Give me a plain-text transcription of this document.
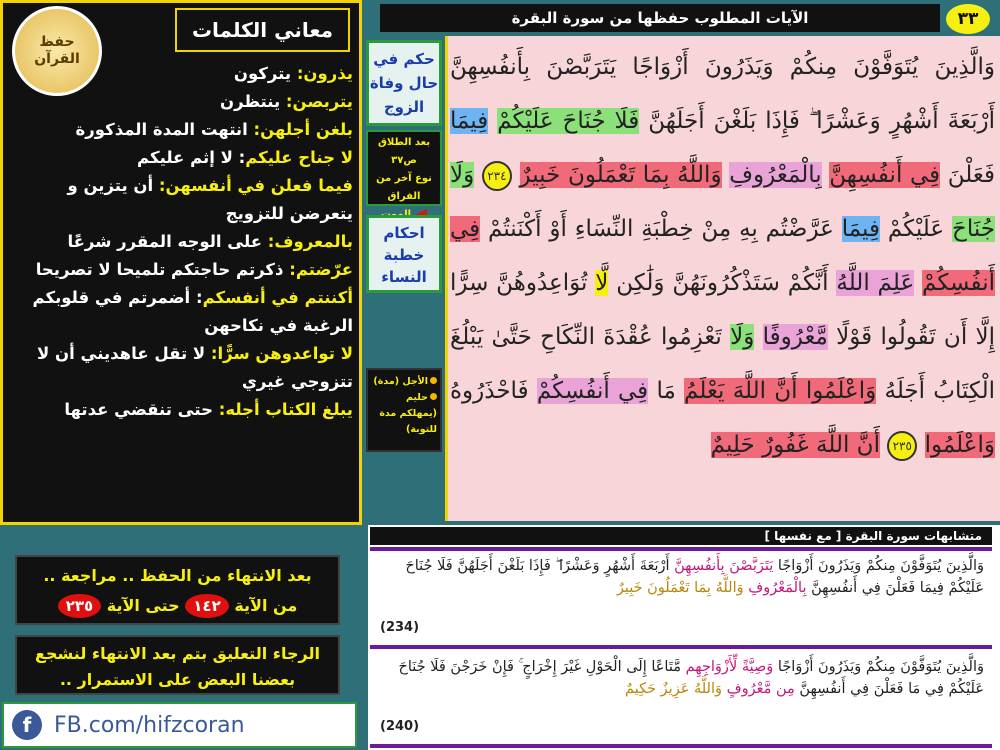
حفظ
القرآن
معاني الكلمات
يذرون: يتركون
يتربصن: ينتظرن
بلغن أجلهن: انتهت المدة المذكورة
لا جناح عليكم: لا إثم عليكم
فيما فعلن في أنفسهن: أن يتزين و يتعرضن للتزويج
بالمعروف: على الوجه المقرر شرعًا
عرّضتم: ذكرتم حاجتكم تلميحا لا تصريحا
أكننتم في أنفسكم: أضمرتم في قلوبكم الرغبة في نكاحهن
لا تواعدوهن سرًّا: لا تقل عاهديني أن لا تتزوجي غيري
يبلغ الكتاب أجله: حتى تنقضي عدتها
الآيات المطلوب حفظها من سورة البقرة	٣٣
حكم في
حال وفاة
الزوج
بعد الطلاق ص٣٧
نوع آخر من الفراق
احكام
خطبة
النساء
الأجل (مدة)
حليم (يمهلكم مدة للتوبة)
وَالَّذِينَ يُتَوَفَّوْنَ مِنكُمْ وَيَذَرُونَ أَزْوَاجًا يَتَرَبَّصْنَ بِأَنفُسِهِنَّ أَرْبَعَةَ أَشْهُرٍ وَعَشْرًا ۖ فَإِذَا بَلَغْنَ أَجَلَهُنَّ فَلَا جُنَاحَ عَلَيْكُمْ فِيمَا فَعَلْنَ فِي أَنفُسِهِنَّ بِالْمَعْرُوفِ وَاللَّهُ بِمَا تَعْمَلُونَ خَبِيرٌ ٢٣٤ وَلَا جُنَاحَ عَلَيْكُمْ فِيمَا عَرَّضْتُم بِهِ مِنْ خِطْبَةِ النِّسَاءِ أَوْ أَكْنَنتُمْ فِي أَنفُسِكُمْ عَلِمَ اللَّهُ أَنَّكُمْ سَتَذْكُرُونَهُنَّ وَلَٰكِن لَّا تُوَاعِدُوهُنَّ سِرًّا إِلَّا أَن تَقُولُوا قَوْلًا مَّعْرُوفًا وَلَا تَعْزِمُوا عُقْدَةَ النِّكَاحِ حَتَّىٰ يَبْلُغَ الْكِتَابُ أَجَلَهُ وَاعْلَمُوا أَنَّ اللَّهَ يَعْلَمُ مَا فِي أَنفُسِكُمْ فَاحْذَرُوهُ وَاعْلَمُوا ٢٣٥ أَنَّ اللَّهَ غَفُورٌ حَلِيمٌ
بعد الانتهاء من الحفظ .. مراجعة ..
من الآية ١٤٢ حتى الآية ٢٣٥
الرجاء التعليق بتم بعد الانتهاء لنشجع بعضنا البعض على الاستمرار ..
f	FB.com/hifzcoran
متشابهات سورة البقرة [ مع نفسها ]
وَالَّذِينَ يُتَوَفَّوْنَ مِنكُمْ وَيَذَرُونَ أَزْوَاجًا يَتَرَبَّصْنَ بِأَنفُسِهِنَّ أَرْبَعَةَ أَشْهُرٍ وَعَشْرًا ۖ فَإِذَا بَلَغْنَ أَجَلَهُنَّ فَلَا جُنَاحَ عَلَيْكُمْ فِيمَا فَعَلْنَ فِي أَنفُسِهِنَّ بِالْمَعْرُوفِ وَاللَّهُ بِمَا تَعْمَلُونَ خَبِيرٌ
(234)
وَالَّذِينَ يُتَوَفَّوْنَ مِنكُمْ وَيَذَرُونَ أَزْوَاجًا وَصِيَّةً لِّأَزْوَاجِهِم مَّتَاعًا إِلَى الْحَوْلِ غَيْرَ إِخْرَاجٍ ۚ فَإِنْ خَرَجْنَ فَلَا جُنَاحَ عَلَيْكُمْ فِي مَا فَعَلْنَ فِي أَنفُسِهِنَّ مِن مَّعْرُوفٍ وَاللَّهُ عَزِيزٌ حَكِيمٌ
(240)
